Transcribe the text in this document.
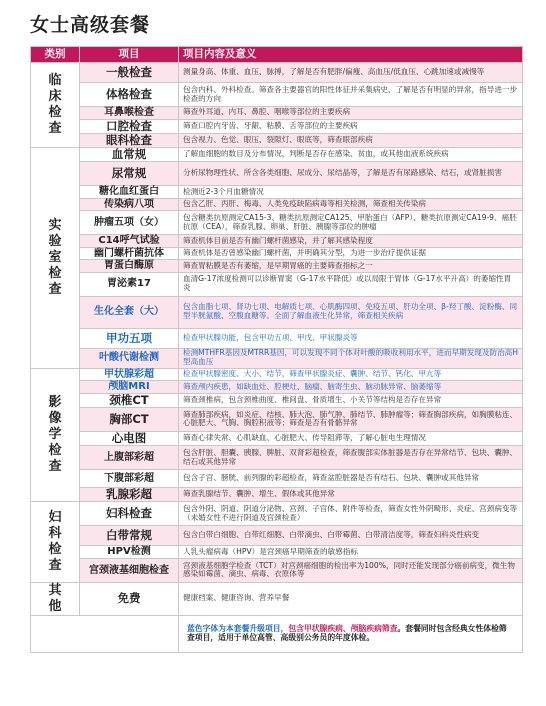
女士高级套餐
类别	项目	项目内容及意义
临床检查	一般检查	测量身高、体重、血压、脉搏，了解是否有肥胖/偏瘦、高血压/低血压、心跳加速或减慢等
	体格检查	包含内科、外科检查。筛查各主要器官的阳性体征并采集病史，了解是否有明显的异常，指导进一步检查的方向
	耳鼻喉检查	筛查外耳道、内耳、鼻腔、咽喉等部位的主要疾病
	口腔检查	筛查口腔内牙齿、牙龈、粘膜、舌等部位的主要疾病
	眼科检查	包含视力、色觉、眼压、裂隙灯、眼底等，筛查眼部疾病
实验室检查	血常规	了解血细胞的数目及分布情况，判断是否存在感染、贫血，或其他血液系统疾病
	尿常规	分析尿物理性状、所含各类细胞、尿成分、尿结晶等，了解是否有尿路感染、结石，或肾脏损害
	糖化血红蛋白	检测近2-3个月血糖情况
	传染病八项	包含乙肝、丙肝、梅毒、人类免疫缺陷病毒等相关检测，筛查相关传染病
	肿瘤五项（女）	包含糖类抗原测定CA15-3、糖类抗原测定CA125、甲胎蛋白（AFP）、糖类抗原测定CA19-9、癌胚抗原（CEA），筛查乳腺、卵巢、肝脏、胰腺等部位的肿瘤
	C14呼气试验	筛查机体目前是否有幽门螺杆菌感染，并了解其感染程度
	幽门螺杆菌抗体	筛查机体是否曾感染幽门螺杆菌，并明确其分型，为进一步治疗提供证据
	胃蛋白酶原	筛查胃粘膜是否有萎缩，是早期胃癌的主要筛查指标之一
	胃泌素17	血清G-17浓度检测可以诊断胃窦（G-17水平降低）或以局限于胃体（G-17水平升高）的萎缩性胃炎
	生化全套（大）	包含血脂七项、肾功七项、电解质七项、心肌酶四项、免疫五项、肝功全项、β-羟丁酸、淀粉酶、同型半胱氨酸、空腹血糖等。全面了解血液生化异常，筛查相关疾病
	甲功五项	检查甲状腺功能，包含甲功五项、甲戊、甲状腺炎等
	叶酸代谢检测	检测MTHFR基因及MTRR基因，可以发现不同个体对叶酸的吸收利用水平，进而早期发现及防治高H型高血压
影像学检查	甲状腺彩超	检查甲状腺密度、大小、结节，筛查甲状腺炎症、囊肿、结节、钙化、甲亢等
	颅脑MRI	筛查颅内疾患，如缺血灶、腔梗灶、脑瘤、脑寄生虫、脑动脉异常、脑萎缩等
	颈椎CT	筛查颈椎病，包含颈椎曲度、椎间盘、骨质增生、小关节等结构是否存在异常
	胸部CT	筛查肺部疾病，如炎症、结核、肺大泡、肺气肿、肺结节、肺肿瘤等；筛查胸部疾病，如胸膜粘连、心脏肥大、气胸、胸腔积液等；筛查是否有骨骼异常
	心电图	筛查心律失常、心肌缺血、心脏肥大、传导阻滞等，了解心脏电生理情况
	上腹部彩超	包含肝脏、胆囊、胰腺、脾脏、双肾彩超检查，筛查腹部实体脏器是否存在异常结节、包块、囊肿、结石或其他异常
	下腹部彩超	包含子宫、膀胱、前列腺的彩超检查，筛查盆腔脏器是否有结石、包块、囊肿或其他异常
	乳腺彩超	筛查乳腺结节、囊肿、增生、假体或其他异常
妇科检查	妇科检查	包含外阴、阴道、阴道分泌物、宫颈、子宫体、附件等检查，筛查女性外阴畸形、炎症、宫颈病变等（未婚女性不进行阴道及宫颈检查）
	白带常规	包含白带白细胞、白带红细胞、白带滴虫、白带霉菌、白带清洁度等，筛查妇科炎性病变
	HPV检测	人乳头瘤病毒（HPV）是宫颈癌早期筛查的敏感指标
	宫颈液基细胞检查	宫颈液基细胞学检查（TCT）对宫颈癌细胞的检出率为100%，同时还能发现部分癌前病变，微生物感染如霉菌、滴虫、病毒、衣原体等
其他	免费	健康档案、健康咨询、营养早餐
		蓝色字体为本套餐升级项目，包含甲状腺疾病、颅脑疾病筛查。套餐同时包含经典女性体检筛查项目，适用于单位高管、高级别公务员的年度体检。
